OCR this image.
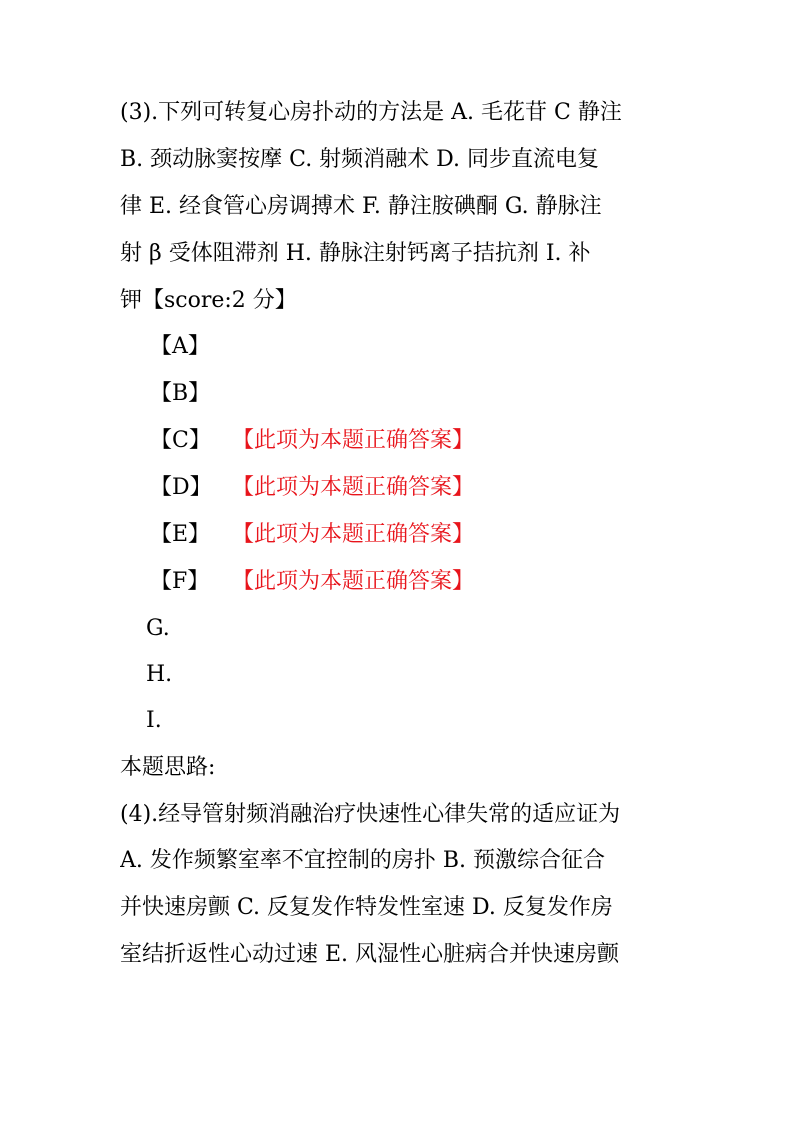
(3).下列可转复心房扑动的方法是 A. 毛花苷 C 静注
B. 颈动脉窦按摩 C. 射频消融术 D. 同步直流电复
律 E. 经食管心房调搏术 F. 静注胺碘酮 G. 静脉注
射 β 受体阻滞剂 H. 静脉注射钙离子拮抗剂 I. 补
钾【score:2 分】
【A】
【B】
【C】 【此项为本题正确答案】
【D】 【此项为本题正确答案】
【E】 【此项为本题正确答案】
【F】 【此项为本题正确答案】
G.
H.
I.
本题思路:
(4).经导管射频消融治疗快速性心律失常的适应证为
A. 发作频繁室率不宜控制的房扑 B. 预激综合征合
并快速房颤 C. 反复发作特发性室速 D. 反复发作房
室结折返性心动过速 E. 风湿性心脏病合并快速房颤
